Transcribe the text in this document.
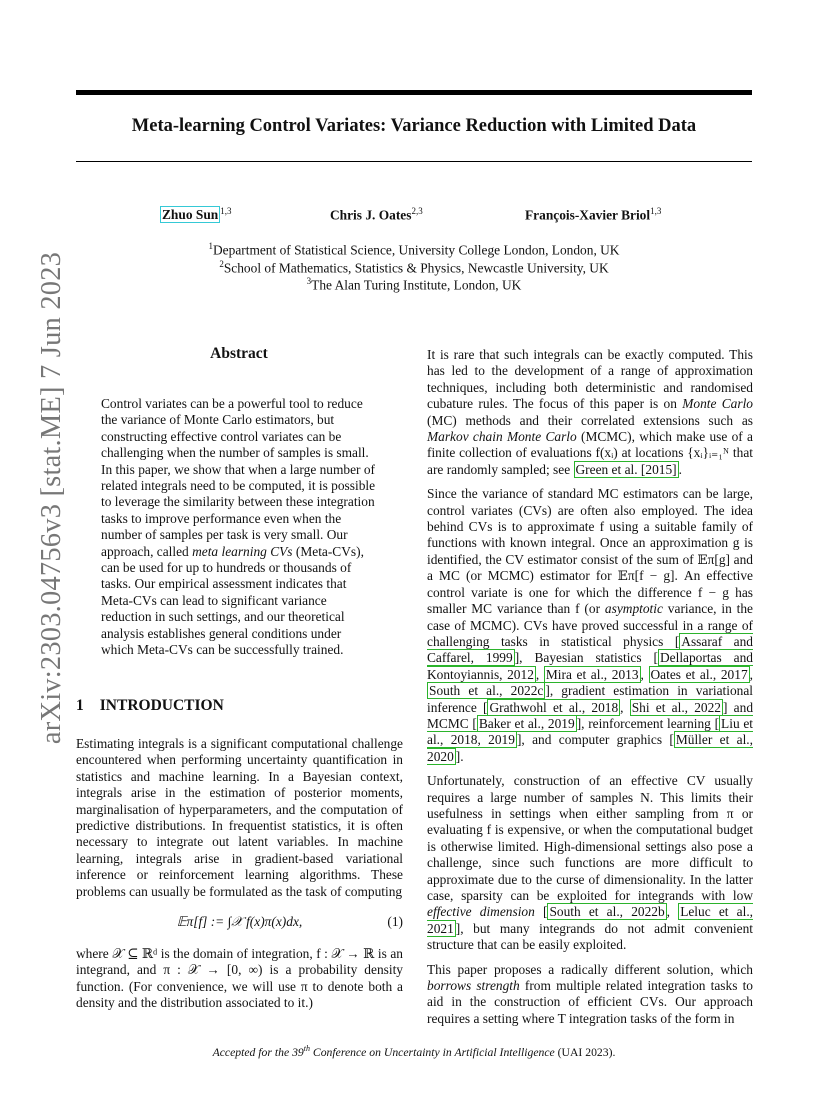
Meta-learning Control Variates: Variance Reduction with Limited Data
Zhuo Sun $^{1,3}$	Chris J. Oates$^{2,3}$	François-Xavier Briol$^{1,3}$
$^1$Department of Statistical Science, University College London, London, UK
$^2$School of Mathematics, Statistics & Physics, Newcastle University, UK
$^3$The Alan Turing Institute, London, UK
arXiv:2303.04756v3 [stat.ME] 7 Jun 2023	Abstract
Control variates can be a powerful tool to reduce the variance of Monte Carlo estimators, but constructing effective control variates can be challenging when the number of samples is small. In this paper, we show that when a large number of related integrals need to be computed, it is possible to leverage the similarity between these integration tasks to improve performance even when the number of samples per task is very small. Our approach, called meta learning CVs (Meta-CVs), can be used for up to hundreds or thousands of tasks. Our empirical assessment indicates that Meta-CVs can lead to significant variance reduction in such settings, and our theoretical analysis establishes general conditions under which Meta-CVs can be successfully trained.
1 INTRODUCTION

Estimating integrals is a significant computational challenge encountered when performing uncertainty quantification in statistics and machine learning. In a Bayesian context, integrals arise in the estimation of posterior moments, marginalisation of hyperparameters, and the computation of predictive distributions. In frequentist statistics, it is often necessary to integrate out latent variables. In machine learning, integrals arise in gradient-based variational inference or reinforcement learning algorithms. These problems can usually be formulated as the task of computing

𝔼π[f] := ∫𝒳 f(x)π(x)dx,	(1)

where 𝒳 ⊆ ℝᵈ is the domain of integration, f : 𝒳 → ℝ is an integrand, and π : 𝒳 → [0, ∞) is a probability density function. (For convenience, we will use π to denote both a density and the distribution associated to it.)

It is rare that such integrals can be exactly computed. This has led to the development of a range of approximation techniques, including both deterministic and randomised cubature rules. The focus of this paper is on Monte Carlo (MC) methods and their correlated extensions such as Markov chain Monte Carlo (MCMC), which make use of a finite collection of evaluations f(xᵢ) at locations {xᵢ}ᵢ₌₁ᴺ that are randomly sampled; see Green et al. [2015] .

Since the variance of standard MC estimators can be large, control variates (CVs) are often also employed. The idea behind CVs is to approximate f using a suitable family of functions with known integral. Once an approximation g is identified, the CV estimator consist of the sum of 𝔼π[g] and a MC (or MCMC) estimator for 𝔼π[f − g]. An effective control variate is one for which the difference f − g has smaller MC variance than f (or asymptotic variance, in the case of MCMC). CVs have proved successful in a range of challenging tasks in statistical physics [ Assaraf and Caffarel, 1999 ], Bayesian statistics [ Dellaportas and Kontoyiannis, 2012 , Mira et al., 2013 , Oates et al., 2017 , South et al., 2022c ], gradient estimation in variational inference [ Grathwohl et al., 2018 , Shi et al., 2022 ] and MCMC [ Baker et al., 2019 ], reinforcement learning [ Liu et al., 2018, 2019 ], and computer graphics [ Müller et al., 2020 ].

Unfortunately, construction of an effective CV usually requires a large number of samples N. This limits their usefulness in settings when either sampling from π or evaluating f is expensive, or when the computational budget is otherwise limited. High-dimensional settings also pose a challenge, since such functions are more difficult to approximate due to the curse of dimensionality. In the latter case, sparsity can be exploited for integrands with low effective dimension [ South et al., 2022b , Leluc et al., 2021 ], but many integrands do not admit convenient structure that can be easily exploited.

This paper proposes a radically different solution, which borrows strength from multiple related integration tasks to aid in the construction of efficient CVs. Our approach requires a setting where T integration tasks of the form in

Accepted for the 39th Conference on Uncertainty in Artificial Intelligence (UAI 2023).
